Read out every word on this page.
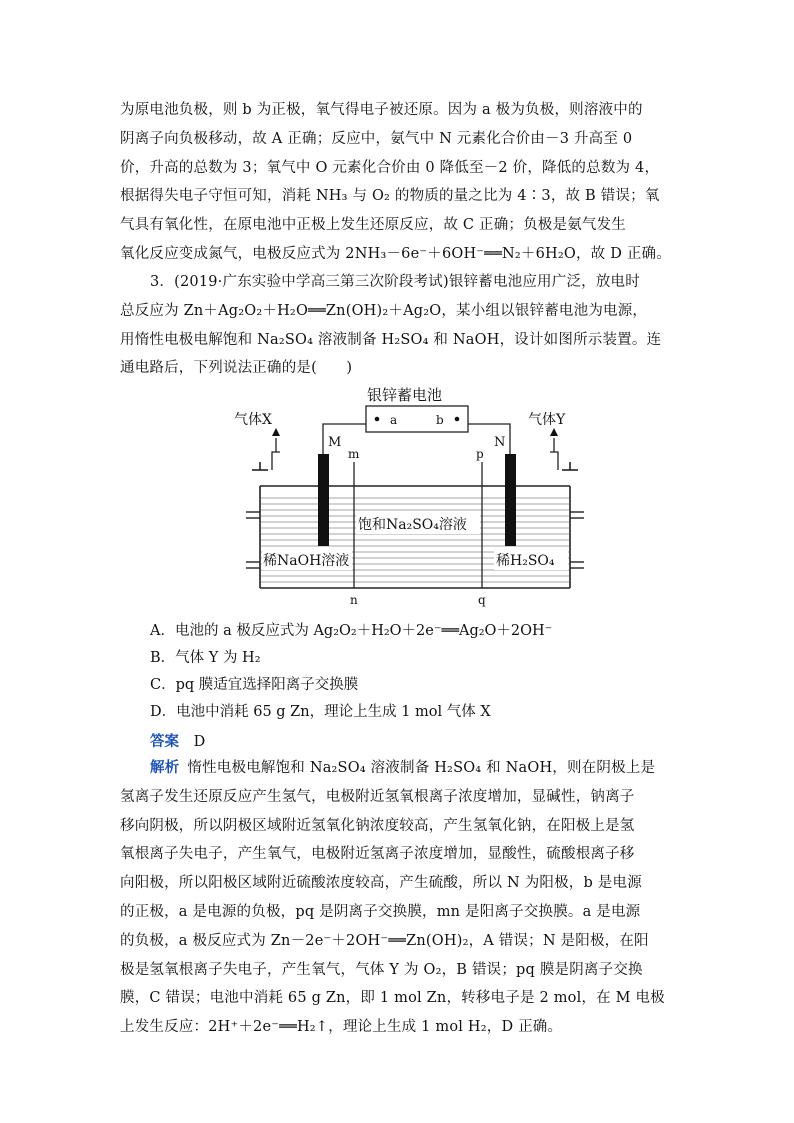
为原电池负极，则 b 为正极，氧气得电子被还原。因为 a 极为负极，则溶液中的

阴离子向负极移动，故 A 正确；反应中，氨气中 N 元素化合价由－3 升高至 0

价，升高的总数为 3；氧气中 O 元素化合价由 0 降低至－2 价，降低的总数为 4，

根据得失电子守恒可知，消耗 NH₃ 与 O₂ 的物质的量之比为 4∶3，故 B 错误；氧

气具有氧化性，在原电池中正极上发生还原反应，故 C 正确；负极是氨气发生

氧化反应变成氮气，电极反应式为 2NH₃－6e⁻＋6OH⁻══N₂＋6H₂O，故 D 正确。

3．(2019·广东实验中学高三第三次阶段考试)银锌蓄电池应用广泛，放电时

总反应为 Zn＋Ag₂O₂＋H₂O══Zn(OH)₂＋Ag₂O，某小组以银锌蓄电池为电源，

用惰性电极电解饱和 Na₂SO₄ 溶液制备 H₂SO₄ 和 NaOH，设计如图所示装置。连

通电路后，下列说法正确的是(　　)

银锌蓄电池
a	b
气体X	气体Y
M	N
m	p
n	q
饱和Na₂SO₄溶液
稀NaOH溶液	稀H₂SO₄
A．电池的 a 极反应式为 Ag₂O₂＋H₂O＋2e⁻══Ag₂O＋2OH⁻
B．气体 Y 为 H₂
C．pq 膜适宜选择阳离子交换膜
D．电池中消耗 65 g Zn，理论上生成 1 mol 气体 X
答案 D

解析 惰性电极电解饱和 Na₂SO₄ 溶液制备 H₂SO₄ 和 NaOH，则在阴极上是

氢离子发生还原反应产生氢气，电极附近氢氧根离子浓度增加，显碱性，钠离子

移向阴极，所以阴极区域附近氢氧化钠浓度较高，产生氢氧化钠，在阳极上是氢

氧根离子失电子，产生氧气，电极附近氢离子浓度增加，显酸性，硫酸根离子移

向阳极，所以阳极区域附近硫酸浓度较高，产生硫酸，所以 N 为阳极，b 是电源

的正极，a 是电源的负极，pq 是阴离子交换膜，mn 是阳离子交换膜。a 是电源

的负极，a 极反应式为 Zn－2e⁻＋2OH⁻══Zn(OH)₂，A 错误；N 是阳极，在阳

极是氢氧根离子失电子，产生氧气，气体 Y 为 O₂，B 错误；pq 膜是阴离子交换

膜，C 错误；电池中消耗 65 g Zn，即 1 mol Zn，转移电子是 2 mol，在 M 电极

上发生反应：2H⁺＋2e⁻══H₂↑，理论上生成 1 mol H₂，D 正确。
